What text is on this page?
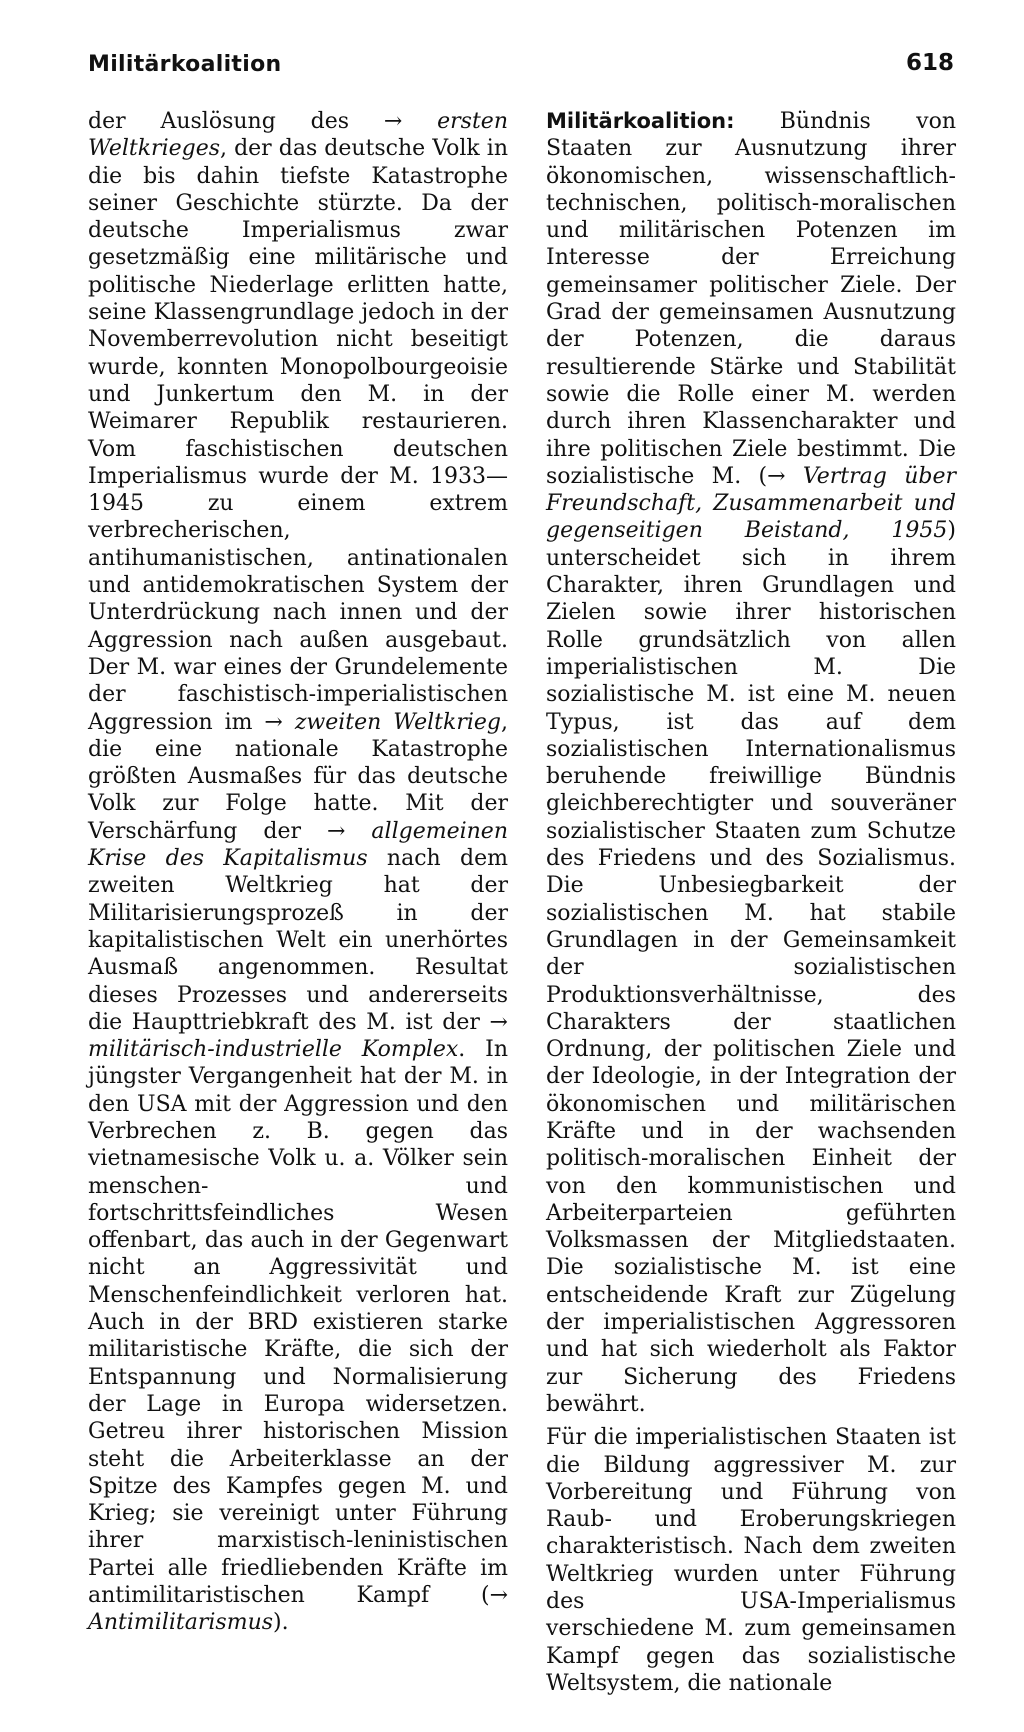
Militärkoalition	618

der Auslösung des → ersten Weltkrieges, der das deutsche Volk in die bis dahin tiefste Katastrophe seiner Geschichte stürzte. Da der deutsche Imperialismus zwar gesetzmäßig eine militärische und politische Niederlage erlitten hatte, seine Klassengrundlage jedoch in der Novemberrevolution nicht beseitigt wurde, konnten Monopolbourgeoisie und Junkertum den M. in der Weimarer Republik restaurieren. Vom faschistischen deutschen Imperialismus wurde der M. 1933—1945 zu einem extrem verbrecherischen, antihumanistischen, antinationalen und antidemokratischen System der Unterdrückung nach innen und der Aggression nach außen ausgebaut. Der M. war eines der Grundelemente der faschistisch-imperialistischen Aggression im → zweiten Weltkrieg, die eine nationale Katastrophe größten Ausmaßes für das deutsche Volk zur Folge hatte. Mit der Verschärfung der → allgemeinen Krise des Kapitalismus nach dem zweiten Weltkrieg hat der Militarisierungsprozeß in der kapitalistischen Welt ein unerhörtes Ausmaß angenommen. Resultat dieses Prozesses und andererseits die Haupttriebkraft des M. ist der → militärisch-industrielle Komplex. In jüngster Vergangenheit hat der M. in den USA mit der Aggression und den Verbrechen z. B. gegen das vietnamesische Volk u. a. Völker sein menschen- und fortschrittsfeindliches Wesen offenbart, das auch in der Gegenwart nicht an Aggressivität und Menschenfeindlichkeit verloren hat. Auch in der BRD existieren starke militaristische Kräfte, die sich der Entspannung und Normalisierung der Lage in Europa widersetzen. Getreu ihrer historischen Mission steht die Arbeiterklasse an der Spitze des Kampfes gegen M. und Krieg; sie vereinigt unter Führung ihrer marxistisch-leninistischen Partei alle friedliebenden Kräfte im antimilitaristischen Kampf (→ Antimilitarismus).

Militärkoalition: Bündnis von Staaten zur Ausnutzung ihrer ökonomischen, wissenschaftlich-technischen, politisch-moralischen und militärischen Potenzen im Interesse der Erreichung gemeinsamer politischer Ziele. Der Grad der gemeinsamen Ausnutzung der Potenzen, die daraus resultierende Stärke und Stabilität sowie die Rolle einer M. werden durch ihren Klassencharakter und ihre politischen Ziele bestimmt. Die sozialistische M. (→ Vertrag über Freundschaft, Zusammenarbeit und gegenseitigen Beistand, 1955) unterscheidet sich in ihrem Charakter, ihren Grundlagen und Zielen sowie ihrer historischen Rolle grundsätzlich von allen imperialistischen M. Die sozialistische M. ist eine M. neuen Typus, ist das auf dem sozialistischen Internationalismus beruhende freiwillige Bündnis gleichberechtigter und souveräner sozialistischer Staaten zum Schutze des Friedens und des Sozialismus. Die Unbesiegbarkeit der sozialistischen M. hat stabile Grundlagen in der Gemeinsamkeit der sozialistischen Produktionsverhältnisse, des Charakters der staatlichen Ordnung, der politischen Ziele und der Ideologie, in der Integration der ökonomischen und militärischen Kräfte und in der wachsenden politisch-moralischen Einheit der von den kommunistischen und Arbeiterparteien geführten Volksmassen der Mitgliedstaaten. Die sozialistische M. ist eine entscheidende Kraft zur Zügelung der imperialistischen Aggressoren und hat sich wiederholt als Faktor zur Sicherung des Friedens bewährt.

Für die imperialistischen Staaten ist die Bildung aggressiver M. zur Vorbereitung und Führung von Raub- und Eroberungskriegen charakteristisch. Nach dem zweiten Weltkrieg wurden unter Führung des USA-Imperialismus verschiedene M. zum gemeinsamen Kampf gegen das sozialistische Weltsystem, die nationale
